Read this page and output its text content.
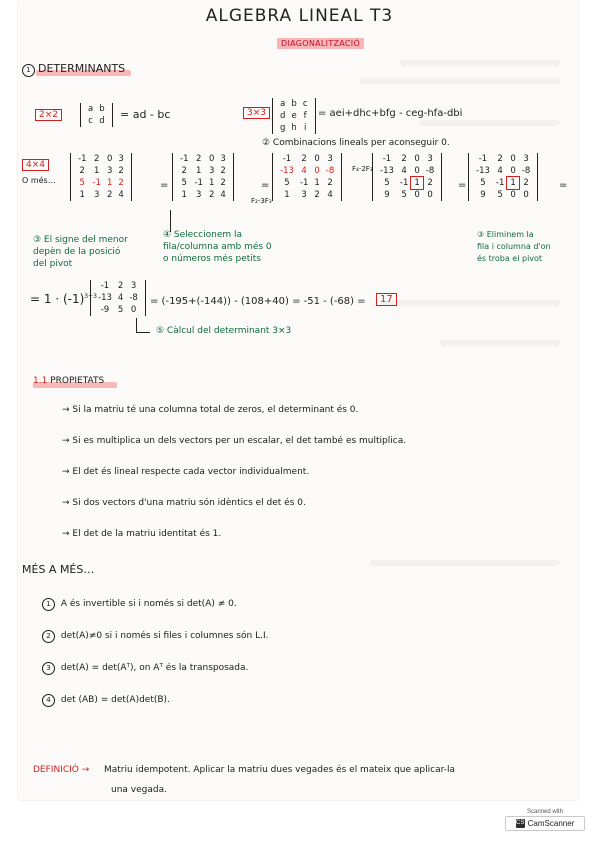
ALGEBRA LINEAL T3
DIAGONALITZACIÓ
1 DETERMINANTS
2×2
a	b
c	d = ad - bc	3×3
a	b	c
d	e	f
g	h	i
= aei+dhc+bfg - ceg-hfa-dbi
② Combinacions lineals per aconseguir 0.
4×4
O més…
-1	2	0	3
2	1	3	2
5	-1	1	2
1	3	2	4
=
-1	2	0	3
2	1	3	2
5	-1	1	2
1	3	2	4
=
F₂-3F₃
-1	2	0	3
-13	4	0	-8
5	-1	1	2
1	3	2	4
F₄-2F₃
-1	2	0	3
-13	4	0	-8
5	-1	1	2
9	5	0	0
=
-1	2	0	3
-13	4	0	-8
5	-1	1	2
9	5	0	0
=
③ El signe del menor
depèn de la posició
del pivot
④ Seleccionem la
fila/columna amb més 0
o números més petits
③ Eliminem la
fila i columna d'on
és troba el pivot
= $1 \cdot (-1)^{3+3}$
-1	2	3
-13	4	-8
-9	5	0
= (-195+(-144)) - (108+40) = -51 - (-68) =	17
⑤ Càlcul del determinant 3×3
1.1 PROPIETATS
→ Si la matriu té una columna total de zeros, el determinant és 0.
→ Si es multiplica un dels vectors per un escalar, el det també es multiplica.
→ El det és lineal respecte cada vector individualment.
→ Si dos vectors d'una matriu són idèntics el det és 0.
→ El det de la matriu identitat és 1.
MÉS A MÉS…
1 A és invertible si i només si det(A) ≠ 0.
2 det(A)≠0 si i només si files i columnes són L.I.
3 det(A) = det(Aᵀ), on Aᵀ és la transposada.
4 det (AB) = det(A)det(B).
DEFINICIÓ → Matriu idempotent. Aplicar la matriu dues vegades és el mateix que aplicar-la
una vegada.
Scanned with
CS CamScanner
